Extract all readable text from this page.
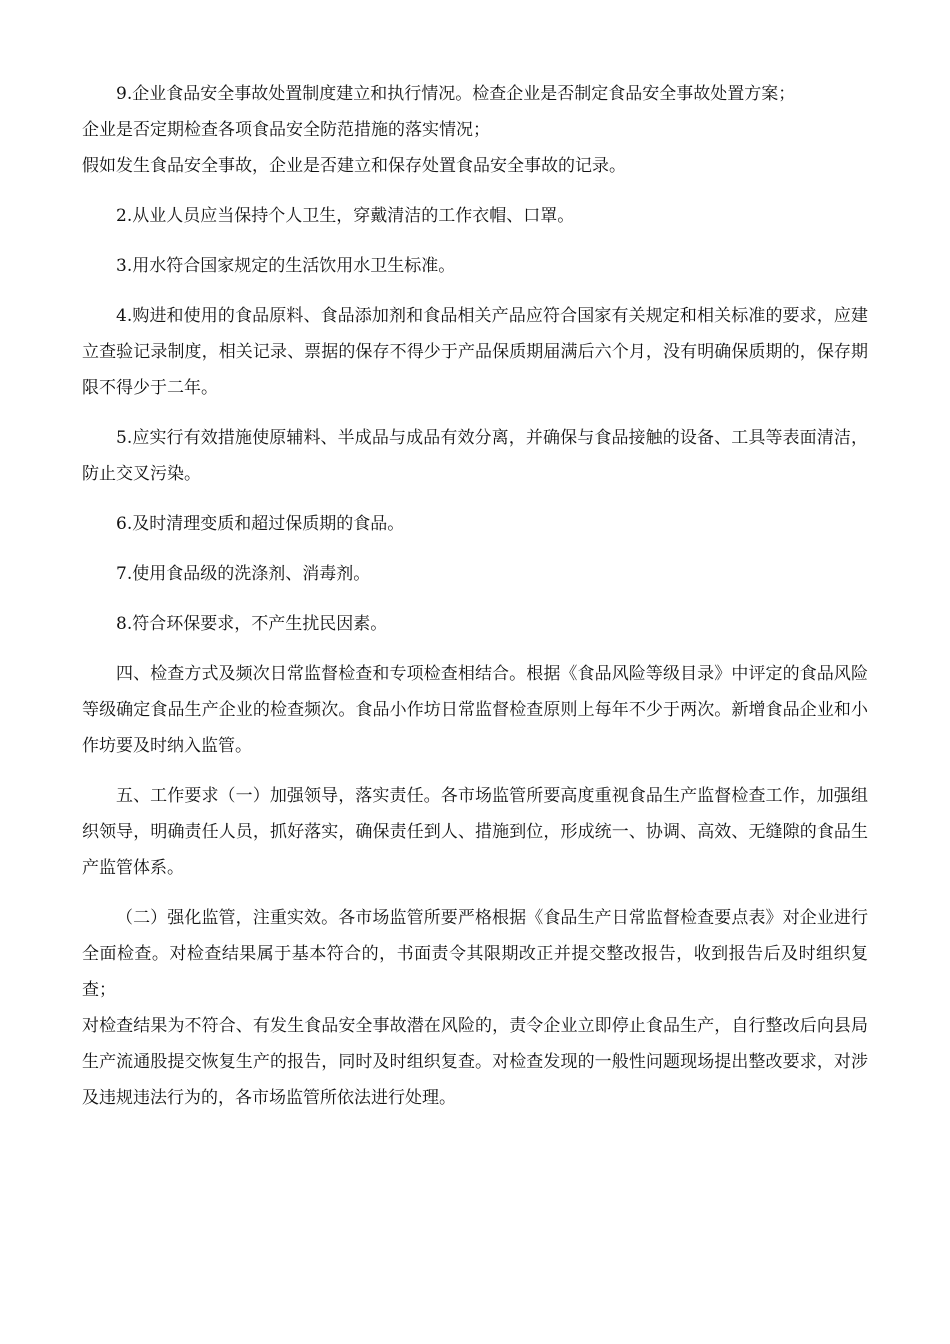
9.企业食品安全事故处置制度建立和执行情况。检查企业是否制定食品安全事故处置方案；

企业是否定期检查各项食品安全防范措施的落实情况；

假如发生食品安全事故，企业是否建立和保存处置食品安全事故的记录。

2.从业人员应当保持个人卫生，穿戴清洁的工作衣帽、口罩。

3.用水符合国家规定的生活饮用水卫生标准。

4.购进和使用的食品原料、食品添加剂和食品相关产品应符合国家有关规定和相关标准的要求，应建立查验记录制度，相关记录、票据的保存不得少于产品保质期届满后六个月，没有明确保质期的，保存期限不得少于二年。

5.应实行有效措施使原辅料、半成品与成品有效分离，并确保与食品接触的设备、工具等表面清洁，防止交叉污染。

6.及时清理变质和超过保质期的食品。

7.使用食品级的洗涤剂、消毒剂。

8.符合环保要求，不产生扰民因素。

四、检查方式及频次日常监督检查和专项检查相结合。根据《食品风险等级目录》中评定的食品风险等级确定食品生产企业的检查频次。食品小作坊日常监督检查原则上每年不少于两次。新增食品企业和小作坊要及时纳入监管。

五、工作要求（一）加强领导，落实责任。各市场监管所要高度重视食品生产监督检查工作，加强组织领导，明确责任人员，抓好落实，确保责任到人、措施到位，形成统一、协调、高效、无缝隙的食品生产监管体系。

（二）强化监管，注重实效。各市场监管所要严格根据《食品生产日常监督检查要点表》对企业进行全面检查。对检查结果属于基本符合的，书面责令其限期改正并提交整改报告，收到报告后及时组织复查；

对检查结果为不符合、有发生食品安全事故潜在风险的，责令企业立即停止食品生产，自行整改后向县局生产流通股提交恢复生产的报告，同时及时组织复查。对检查发现的一般性问题现场提出整改要求，对涉及违规违法行为的，各市场监管所依法进行处理。
